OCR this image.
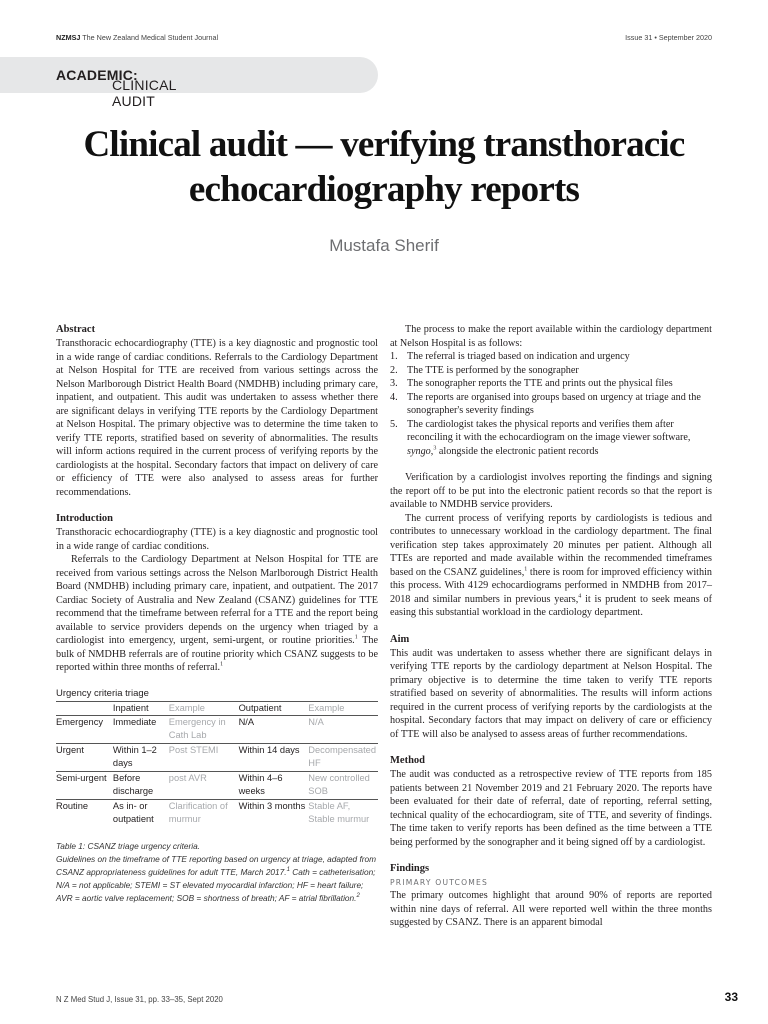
NZMSJ The New Zealand Medical Student Journal	Issue 31 • September 2020
ACADEMIC:
CLINICAL AUDIT
Clinical audit — verifying transthoracic echocardiography reports
Mustafa Sherif
Abstract

Transthoracic echocardiography (TTE) is a key diagnostic and prognostic tool in a wide range of cardiac conditions. Referrals to the Cardiology Department at Nelson Hospital for TTE are received from various settings across the Nelson Marlborough District Health Board (NMDHB) including primary care, inpatient, and outpatient. This audit was undertaken to assess whether there are significant delays in verifying TTE reports by the Cardiology Department at Nelson Hospital. The primary objective was to determine the time taken to verify TTE reports, stratified based on severity of abnormalities. The results will inform actions required in the current process of verifying reports by the cardiologists at the hospital. Secondary factors that impact on delivery of care or efficiency of TTE were also analysed to assess areas for further recommendations.

Introduction

Transthoracic echocardiography (TTE) is a key diagnostic and prognostic tool in a wide range of cardiac conditions.

Referrals to the Cardiology Department at Nelson Hospital for TTE are received from various settings across the Nelson Marlborough District Health Board (NMDHB) including primary care, inpatient, and outpatient. The 2017 Cardiac Society of Australia and New Zealand (CSANZ) guidelines for TTE recommend that the timeframe between referral for a TTE and the report being available to service providers depends on the urgency when triaged by a cardiologist into emergency, urgent, semi-urgent, or routine priorities.$^1$ The bulk of NMDHB referrals are of routine priority which CSANZ suggests to be reported within three months of referral.$^1$

Urgency criteria triage
	Inpatient	Example	Outpatient	Example
Emergency	Immediate	Emergency in Cath Lab	N/A	N/A
Urgent	Within 1–2 days	Post STEMI	Within 14 days	Decompensated HF
Semi-urgent	Before discharge	post AVR	Within 4–6 weeks	New controlled SOB
Routine	As in- or outpatient	Clarification of murmur	Within 3 months	Stable AF, Stable murmur
Table 1: CSANZ triage urgency criteria.
Guidelines on the timeframe of TTE reporting based on urgency at triage, adapted from CSANZ appropriateness guidelines for adult TTE, March 2017.$^1$ Cath = catheterisation; N/A = not applicable; STEMI = ST elevated myocardial infarction; HF = heart failure; AVR = aortic valve replacement; SOB = shortness of breath; AF = atrial fibrillation.$^2$

The process to make the report available within the cardiology department at Nelson Hospital is as follows:

1. The referral is triaged based on indication and urgency
2. The TTE is performed by the sonographer
3. The sonographer reports the TTE and prints out the physical files
4. The reports are organised into groups based on urgency at triage and the sonographer's severity findings
5. The cardiologist takes the physical reports and verifies them after reconciling it with the echocardiogram on the image viewer software, syngo,$^3$ alongside the electronic patient records

Verification by a cardiologist involves reporting the findings and signing the report off to be put into the electronic patient records so that the report is available to NMDHB service providers.

The current process of verifying reports by cardiologists is tedious and contributes to unnecessary workload in the cardiology department. The final verification step takes approximately 20 minutes per patient. Although all TTEs are reported and made available within the recommended timeframes based on the CSANZ guidelines,$^1$ there is room for improved efficiency within this process. With 4129 echocardiograms performed in NMDHB from 2017–2018 and similar numbers in previous years,$^4$ it is prudent to seek means of easing this substantial workload in the cardiology department.

Aim

This audit was undertaken to assess whether there are significant delays in verifying TTE reports by the cardiology department at Nelson Hospital. The primary objective is to determine the time taken to verify TTE reports stratified based on severity of abnormalities. The results will inform actions required in the current process of verifying reports by the cardiologists at the hospital. Secondary factors that may impact on delivery of care or efficiency of TTE will also be analysed to assess areas of further recommendations.

Method

The audit was conducted as a retrospective review of TTE reports from 185 patients between 21 November 2019 and 21 February 2020. The reports have been evaluated for their date of referral, date of reporting, referral setting, technical quality of the echocardiogram, site of TTE, and severity of findings. The time taken to verify reports has been defined as the time between a TTE being performed by the sonographer and it being signed off by a cardiologist.

Findings
PRIMARY OUTCOMES

The primary outcomes highlight that around 90% of reports are reported within nine days of referral. All were reported well within the three months suggested by CSANZ. There is an apparent bimodal

N Z Med Stud J, Issue 31, pp. 33–35, Sept 2020	33
